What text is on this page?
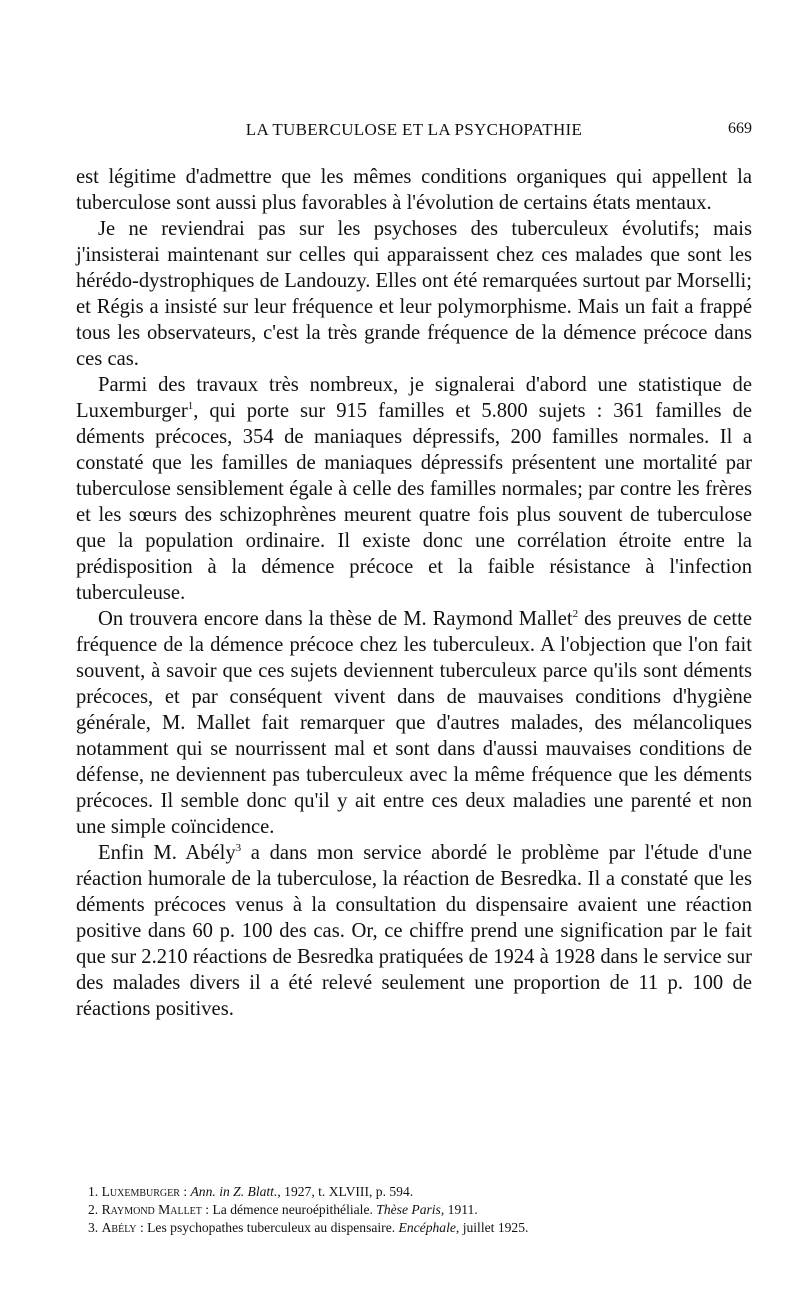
LA TUBERCULOSE ET LA PSYCHOPATHIE	669

est légitime d'admettre que les mêmes conditions organiques qui appellent la tuberculose sont aussi plus favorables à l'évolution de certains états mentaux.

Je ne reviendrai pas sur les psychoses des tuberculeux évolutifs; mais j'insisterai maintenant sur celles qui apparaissent chez ces malades que sont les hérédo-dystrophiques de Landouzy. Elles ont été remarquées surtout par Morselli; et Régis a insisté sur leur fréquence et leur polymorphisme. Mais un fait a frappé tous les observateurs, c'est la très grande fréquence de la démence précoce dans ces cas.

Parmi des travaux très nombreux, je signalerai d'abord une statistique de Luxemburger$^1$, qui porte sur 915 familles et 5.800 sujets : 361 familles de déments précoces, 354 de maniaques dépressifs, 200 familles normales. Il a constaté que les familles de maniaques dépressifs présentent une mortalité par tuberculose sensiblement égale à celle des familles normales; par contre les frères et les sœurs des schizophrènes meurent quatre fois plus souvent de tuberculose que la population ordinaire. Il existe donc une corrélation étroite entre la prédisposition à la démence précoce et la faible résistance à l'infection tuberculeuse.

On trouvera encore dans la thèse de M. Raymond Mallet$^2$ des preuves de cette fréquence de la démence précoce chez les tuberculeux. A l'objection que l'on fait souvent, à savoir que ces sujets deviennent tuberculeux parce qu'ils sont déments précoces, et par conséquent vivent dans de mauvaises conditions d'hygiène générale, M. Mallet fait remarquer que d'autres malades, des mélancoliques notamment qui se nourrissent mal et sont dans d'aussi mauvaises conditions de défense, ne deviennent pas tuberculeux avec la même fréquence que les déments précoces. Il semble donc qu'il y ait entre ces deux maladies une parenté et non une simple coïncidence.

Enfin M. Abély$^3$ a dans mon service abordé le problème par l'étude d'une réaction humorale de la tuberculose, la réaction de Besredka. Il a constaté que les déments précoces venus à la consultation du dispensaire avaient une réaction positive dans 60 p. 100 des cas. Or, ce chiffre prend une signification par le fait que sur 2.210 réactions de Besredka pratiquées de 1924 à 1928 dans le service sur des malades divers il a été relevé seulement une proportion de 11 p. 100 de réactions positives.

1. Luxemburger : Ann. in Z. Blatt., 1927, t. XLVIII, p. 594.

2. Raymond Mallet : La démence neuroépithéliale. Thèse Paris, 1911.

3. Abély : Les psychopathes tuberculeux au dispensaire. Encéphale, juillet 1925.
